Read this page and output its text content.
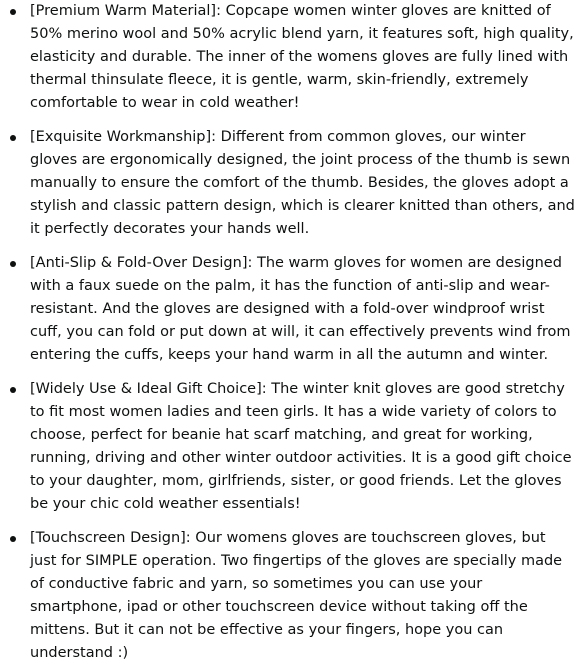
[Premium Warm Material]: Copcape women winter gloves are knitted of 50% merino wool and 50% acrylic blend yarn, it features soft, high quality, elasticity and durable. The inner of the womens gloves are fully lined with thermal thinsulate fleece, it is gentle, warm, skin-friendly, extremely comfortable to wear in cold weather!
[Exquisite Workmanship]: Different from common gloves, our winter gloves are ergonomically designed, the joint process of the thumb is sewn manually to ensure the comfort of the thumb. Besides, the gloves adopt a stylish and classic pattern design, which is clearer knitted than others, and it perfectly decorates your hands well.
[Anti-Slip & Fold-Over Design]: The warm gloves for women are designed with a faux suede on the palm, it has the function of anti-slip and wear-resistant. And the gloves are designed with a fold-over windproof wrist cuff, you can fold or put down at will, it can effectively prevents wind from entering the cuffs, keeps your hand warm in all the autumn and winter.
[Widely Use & Ideal Gift Choice]: The winter knit gloves are good stretchy to fit most women ladies and teen girls. It has a wide variety of colors to choose, perfect for beanie hat scarf matching, and great for working, running, driving and other winter outdoor activities. It is a good gift choice to your daughter, mom, girlfriends, sister, or good friends. Let the gloves be your chic cold weather essentials!
[Touchscreen Design]: Our womens gloves are touchscreen gloves, but just for SIMPLE operation. Two fingertips of the gloves are specially made of conductive fabric and yarn, so sometimes you can use your smartphone, ipad or other touchscreen device without taking off the mittens. But it can not be effective as your fingers, hope you can understand :)
